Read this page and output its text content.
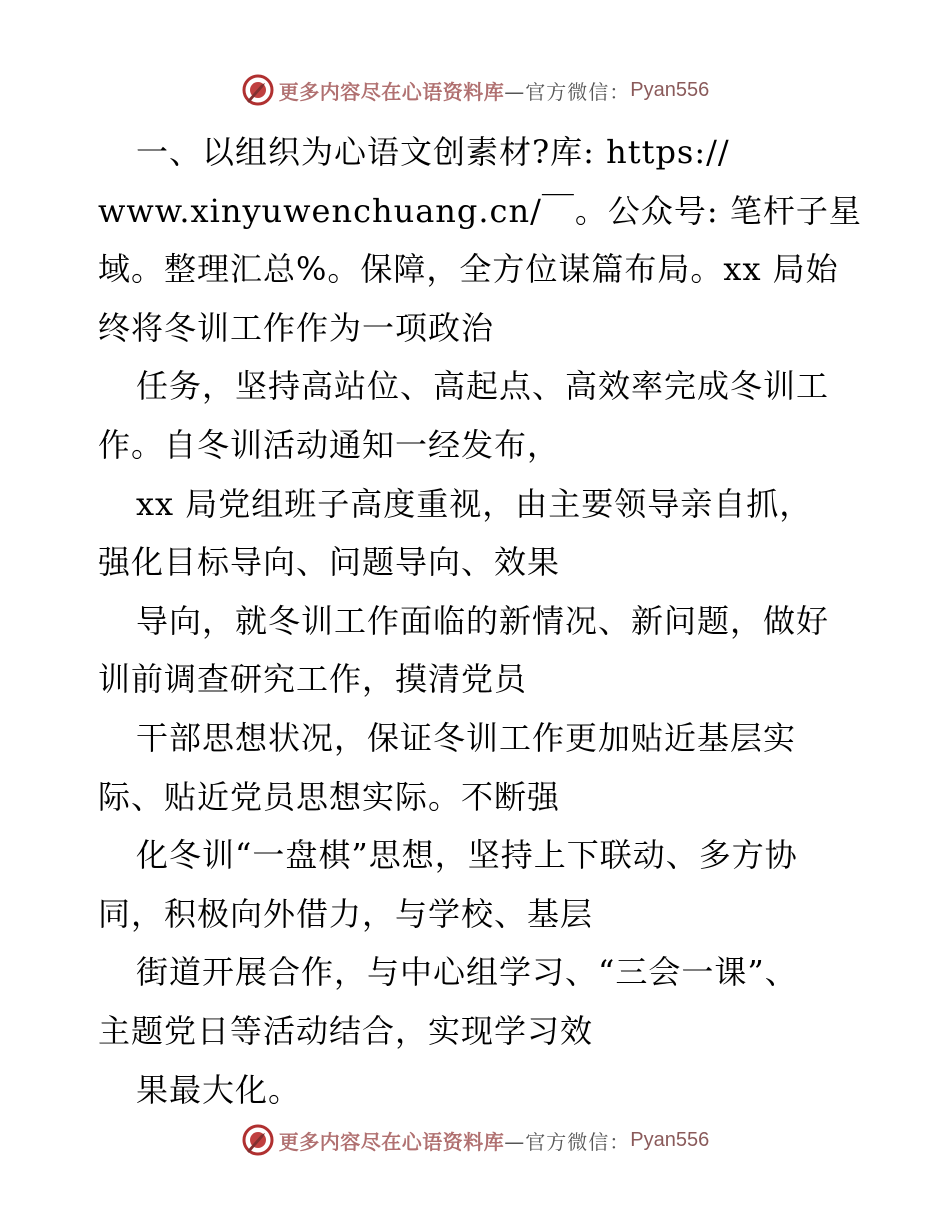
更多内容尽在心语资料库 —官方微信： Pyan556
一、以组织为心语文创素材?库: https://
www.xinyuwenchuang.cn/￣。公众号: 笔杆子星
域。整理汇总%。保障，全方位谋篇布局。xx 局始
终将冬训工作作为一项政治
任务，坚持高站位、高起点、高效率完成冬训工
作。自冬训活动通知一经发布，
xx 局党组班子高度重视，由主要领导亲自抓，
强化目标导向、问题导向、效果
导向，就冬训工作面临的新情况、新问题，做好
训前调查研究工作，摸清党员
干部思想状况，保证冬训工作更加贴近基层实
际、贴近党员思想实际。不断强
化冬训“一盘棋”思想，坚持上下联动、多方协
同，积极向外借力，与学校、基层
街道开展合作，与中心组学习、“三会一课”、
主题党日等活动结合，实现学习效
果最大化。
更多内容尽在心语资料库 —官方微信： Pyan556
